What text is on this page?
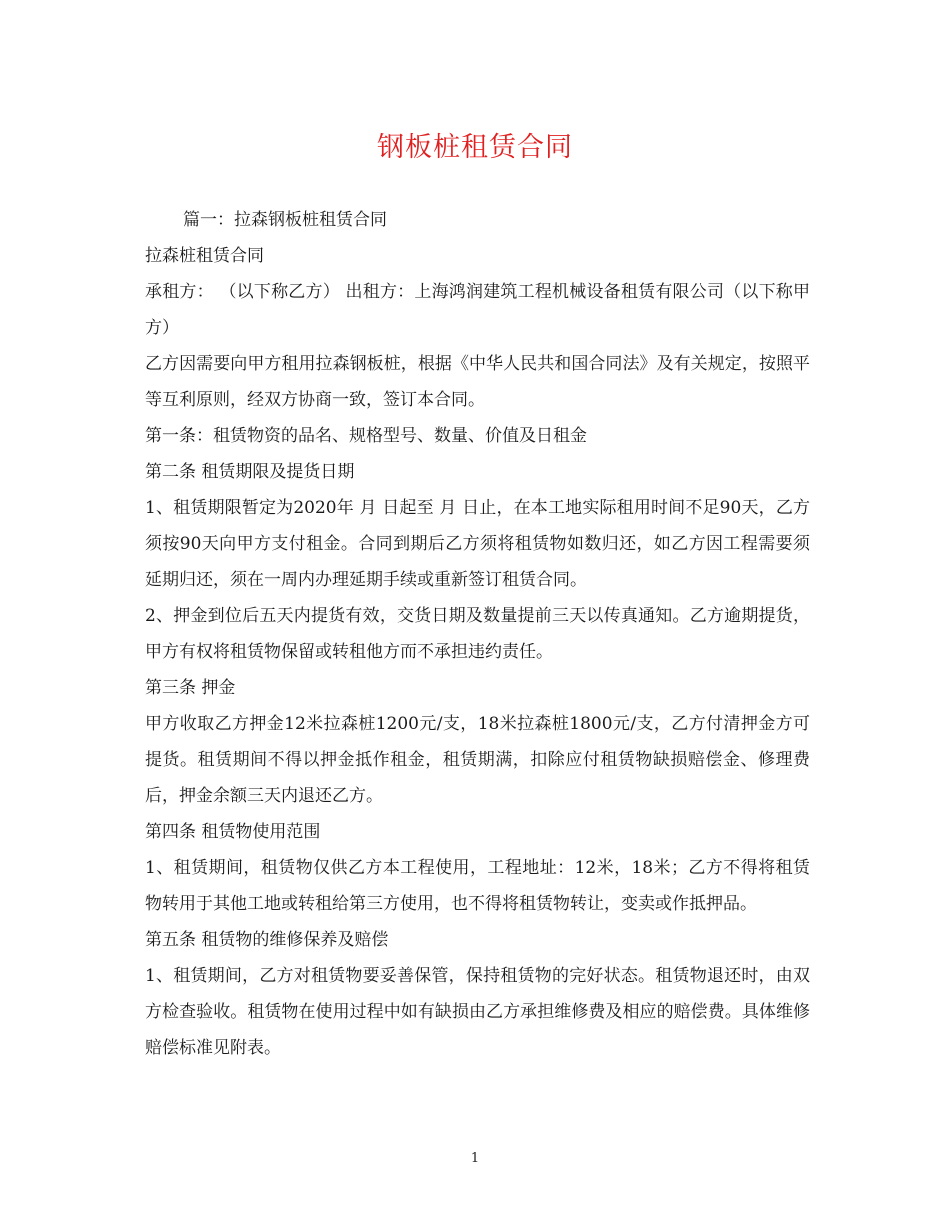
钢板桩租赁合同

篇一：拉森钢板桩租赁合同

拉森桩租赁合同

承租方： （以下称乙方） 出租方：上海鸿润建筑工程机械设备租赁有限公司（以下称甲方）

乙方因需要向甲方租用拉森钢板桩，根据《中华人民共和国合同法》及有关规定，按照平等互利原则，经双方协商一致，签订本合同。

第一条：租赁物资的品名、规格型号、数量、价值及日租金

第二条 租赁期限及提货日期

1、租赁期限暂定为2020年 月 日起至 月 日止，在本工地实际租用时间不足90天，乙方须按90天向甲方支付租金。合同到期后乙方须将租赁物如数归还，如乙方因工程需要须延期归还，须在一周内办理延期手续或重新签订租赁合同。

2、押金到位后五天内提货有效，交货日期及数量提前三天以传真通知。乙方逾期提货，甲方有权将租赁物保留或转租他方而不承担违约责任。

第三条 押金

甲方收取乙方押金12米拉森桩1200元/支，18米拉森桩1800元/支，乙方付清押金方可提货。租赁期间不得以押金抵作租金，租赁期满，扣除应付租赁物缺损赔偿金、修理费后，押金余额三天内退还乙方。

第四条 租赁物使用范围

1、租赁期间，租赁物仅供乙方本工程使用，工程地址：12米，18米；乙方不得将租赁物转用于其他工地或转租给第三方使用，也不得将租赁物转让，变卖或作抵押品。

第五条 租赁物的维修保养及赔偿

1、租赁期间，乙方对租赁物要妥善保管，保持租赁物的完好状态。租赁物退还时，由双方检查验收。租赁物在使用过程中如有缺损由乙方承担维修费及相应的赔偿费。具体维修赔偿标准见附表。

1
